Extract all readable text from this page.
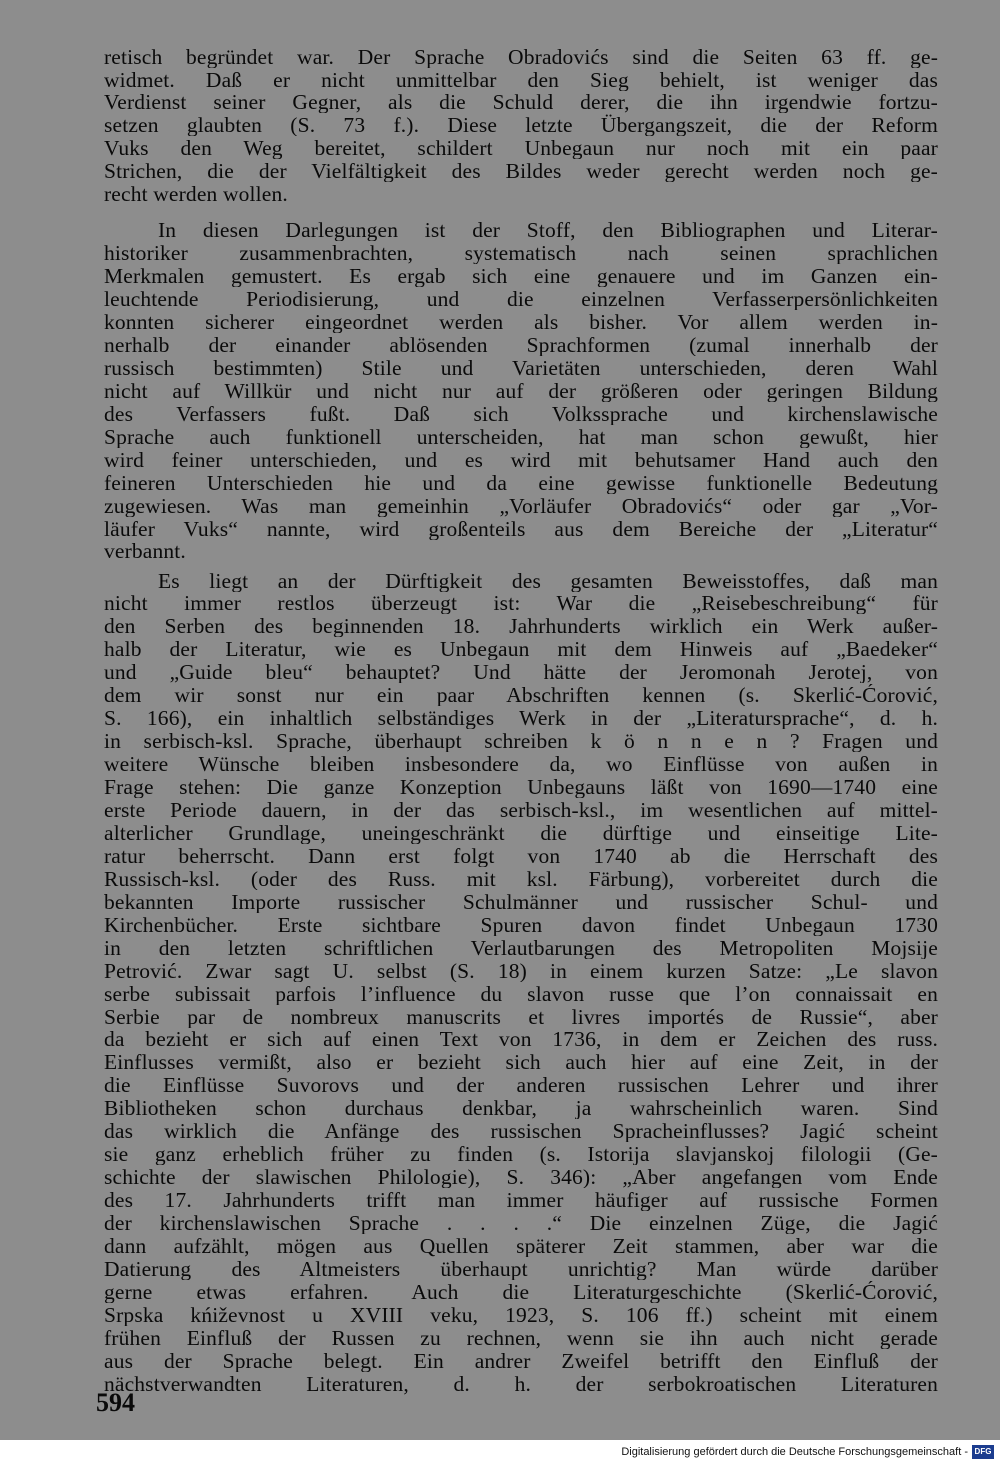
retisch begründet war. Der Sprache Obradovićs sind die Seiten 63 ff. ge-
widmet. Daß er nicht unmittelbar den Sieg behielt, ist weniger das
Verdienst seiner Gegner, als die Schuld derer, die ihn irgendwie fortzu-
setzen glaubten (S. 73 f.). Diese letzte Übergangszeit, die der Reform
Vuks den Weg bereitet, schildert Unbegaun nur noch mit ein paar
Strichen, die der Vielfältigkeit des Bildes weder gerecht werden noch ge-
recht werden wollen.
In diesen Darlegungen ist der Stoff, den Bibliographen und Literar-
historiker zusammenbrachten, systematisch nach seinen sprachlichen
Merkmalen gemustert. Es ergab sich eine genauere und im Ganzen ein-
leuchtende Periodisierung, und die einzelnen Verfasserpersönlichkeiten
konnten sicherer eingeordnet werden als bisher. Vor allem werden in-
nerhalb der einander ablösenden Sprachformen (zumal innerhalb der
russisch bestimmten) Stile und Varietäten unterschieden, deren Wahl
nicht auf Willkür und nicht nur auf der größeren oder geringen Bildung
des Verfassers fußt. Daß sich Volkssprache und kirchenslawische
Sprache auch funktionell unterscheiden, hat man schon gewußt, hier
wird feiner unterschieden, und es wird mit behutsamer Hand auch den
feineren Unterschieden hie und da eine gewisse funktionelle Bedeutung
zugewiesen. Was man gemeinhin „Vorläufer Obradovićs“ oder gar „Vor-
läufer Vuks“ nannte, wird großenteils aus dem Bereiche der „Literatur“
verbannt.
Es liegt an der Dürftigkeit des gesamten Beweisstoffes, daß man
nicht immer restlos überzeugt ist: War die „Reisebeschreibung“ für
den Serben des beginnenden 18. Jahrhunderts wirklich ein Werk außer-
halb der Literatur, wie es Unbegaun mit dem Hinweis auf „Baedeker“
und „Guide bleu“ behauptet? Und hätte der Jeromonah Jerotej, von
dem wir sonst nur ein paar Abschriften kennen (s. Skerlić-Ćorović,
S. 166), ein inhaltlich selbständiges Werk in der „Literatursprache“, d. h.
in serbisch-ksl. Sprache, überhaupt schreiben k ö n n e n ? Fragen und
weitere Wünsche bleiben insbesondere da, wo Einflüsse von außen in
Frage stehen: Die ganze Konzeption Unbegauns läßt von 1690—1740 eine
erste Periode dauern, in der das serbisch-ksl., im wesentlichen auf mittel-
alterlicher Grundlage, uneingeschränkt die dürftige und einseitige Lite-
ratur beherrscht. Dann erst folgt von 1740 ab die Herrschaft des
Russisch-ksl. (oder des Russ. mit ksl. Färbung), vorbereitet durch die
bekannten Importe russischer Schulmänner und russischer Schul- und
Kirchenbücher. Erste sichtbare Spuren davon findet Unbegaun 1730
in den letzten schriftlichen Verlautbarungen des Metropoliten Mojsije
Petrović. Zwar sagt U. selbst (S. 18) in einem kurzen Satze: „Le slavon
serbe subissait parfois l’influence du slavon russe que l’on connaissait en
Serbie par de nombreux manuscrits et livres importés de Russie“, aber
da bezieht er sich auf einen Text von 1736, in dem er Zeichen des russ.
Einflusses vermißt, also er bezieht sich auch hier auf eine Zeit, in der
die Einflüsse Suvorovs und der anderen russischen Lehrer und ihrer
Bibliotheken schon durchaus denkbar, ja wahrscheinlich waren. Sind
das wirklich die Anfänge des russischen Spracheinflusses? Jagić scheint
sie ganz erheblich früher zu finden (s. Istorija slavjanskoj filologii (Ge-
schichte der slawischen Philologie), S. 346): „Aber angefangen vom Ende
des 17. Jahrhunderts trifft man immer häufiger auf russische Formen
der kirchenslawischen Sprache . . . .“ Die einzelnen Züge, die Jagić
dann aufzählt, mögen aus Quellen späterer Zeit stammen, aber war die
Datierung des Altmeisters überhaupt unrichtig? Man würde darüber
gerne etwas erfahren. Auch die Literaturgeschichte (Skerlić-Ćorović,
Srpska kńiževnost u XVIII veku, 1923, S. 106 ff.) scheint mit einem
frühen Einfluß der Russen zu rechnen, wenn sie ihn auch nicht gerade
aus der Sprache belegt. Ein andrer Zweifel betrifft den Einfluß der
nächstverwandten Literaturen, d. h. der serbokroatischen Literaturen
594
Digitalisierung gefördert durch die Deutsche Forschungsgemeinschaft - DFG
